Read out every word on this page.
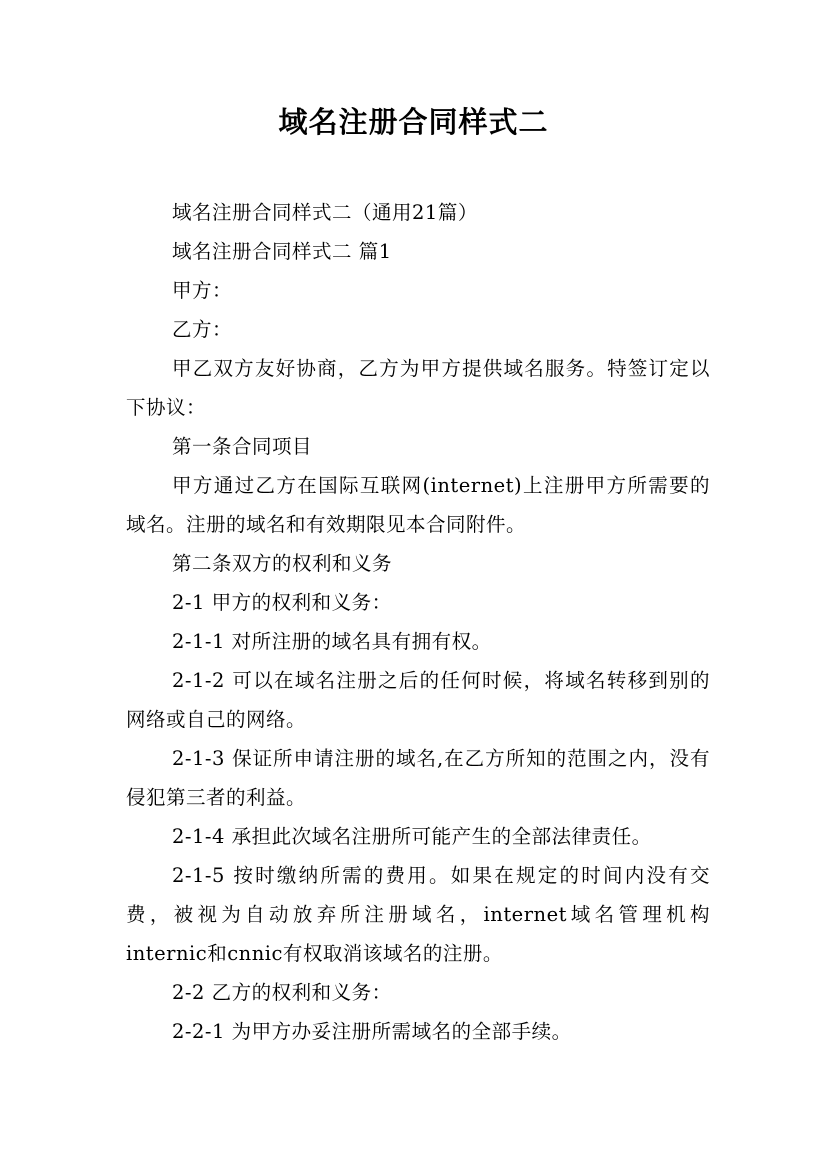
域名注册合同样式二

域名注册合同样式二（通用21篇）

域名注册合同样式二 篇1

甲方：

乙方：

甲乙双方友好协商，乙方为甲方提供域名服务。特签订定以下协议：

第一条合同项目

甲方通过乙方在国际互联网(internet)上注册甲方所需要的域名。注册的域名和有效期限见本合同附件。

第二条双方的权利和义务

2-1 甲方的权利和义务：

2-1-1 对所注册的域名具有拥有权。

2-1-2 可以在域名注册之后的任何时候，将域名转移到别的网络或自己的网络。

2-1-3 保证所申请注册的域名,在乙方所知的范围之内，没有侵犯第三者的利益。

2-1-4 承担此次域名注册所可能产生的全部法律责任。

2-1-5 按时缴纳所需的费用。如果在规定的时间内没有交费，被视为自动放弃所注册域名，internet域名管理机构internic和cnnic有权取消该域名的注册。

2-2 乙方的权利和义务：

2-2-1 为甲方办妥注册所需域名的全部手续。
